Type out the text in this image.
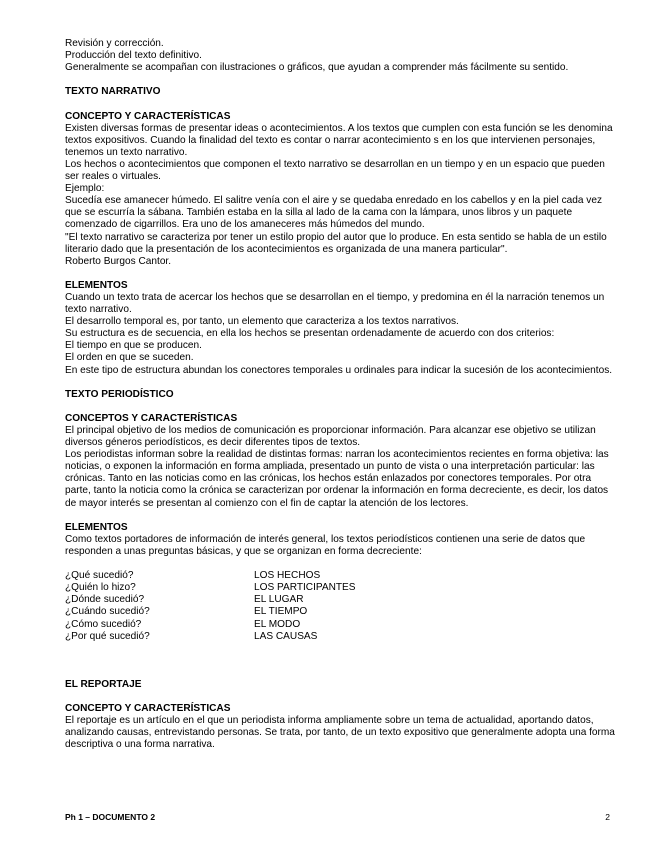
Revisión y corrección.

Producción del texto definitivo.

Generalmente se acompañan con ilustraciones o gráficos, que ayudan a comprender más fácilmente su sentido.

TEXTO NARRATIVO

CONCEPTO Y CARACTERÍSTICAS

Existen diversas formas de presentar ideas o acontecimientos. A los textos que cumplen con esta función se les denomina textos expositivos. Cuando la finalidad del texto es contar o narrar acontecimiento s en los que intervienen personajes, tenemos un texto narrativo.

Los hechos o acontecimientos que componen el texto narrativo se desarrollan en un tiempo y en un espacio que pueden ser reales o virtuales.

Ejemplo:

Sucedía ese amanecer húmedo. El salitre venía con el aire y se quedaba enredado en los cabellos y en la piel cada vez que se escurría la sábana. También estaba en la silla al lado de la cama con la lámpara, unos libros y un paquete comenzado de cigarrillos. Era uno de los amaneceres más húmedos del mundo.

"El texto narrativo se caracteriza por tener un estilo propio del autor que lo produce. En esta sentido se habla de un estilo literario dado que la presentación de los acontecimientos es organizada de una manera particular".

Roberto Burgos Cantor.

ELEMENTOS

Cuando un texto trata de acercar los hechos que se desarrollan en el tiempo, y predomina en él la narración tenemos un texto narrativo.

El desarrollo temporal es, por tanto, un elemento que caracteriza a los textos narrativos.

Su estructura es de secuencia, en ella los hechos se presentan ordenadamente de acuerdo con dos criterios:

El tiempo en que se producen.

El orden en que se suceden.

En este tipo de estructura abundan los conectores temporales u ordinales para indicar la sucesión de los acontecimientos.

TEXTO PERIODÍSTICO

CONCEPTOS Y CARACTERÍSTICAS

El principal objetivo de los medios de comunicación es proporcionar información. Para alcanzar ese objetivo se utilizan diversos géneros periodísticos, es decir diferentes tipos de textos.

Los periodistas informan sobre la realidad de distintas formas: narran los acontecimientos recientes en forma objetiva: las noticias, o exponen la información en forma ampliada, presentado un punto de vista o una interpretación particular: las crónicas. Tanto en las noticias como en las crónicas, los hechos están enlazados por conectores temporales. Por otra parte, tanto la noticia como la crónica se caracterizan por ordenar la información en forma decreciente, es decir, los datos de mayor interés se presentan al comienzo con el fin de captar la atención de los lectores.

ELEMENTOS

Como textos portadores de información de interés general, los textos periodísticos contienen una serie de datos que responden a unas preguntas básicas, y que se organizan en forma decreciente:

¿Qué sucedió?	LOS HECHOS
¿Quién lo hizo?	LOS PARTICIPANTES
¿Dónde sucedió?	EL LUGAR
¿Cuándo sucedió?	EL TIEMPO
¿Cómo sucedió?	EL MODO
¿Por qué sucedió?	LAS CAUSAS

EL REPORTAJE

CONCEPTO Y CARACTERÍSTICAS

El reportaje es un artículo en el que un periodista informa ampliamente sobre un tema de actualidad, aportando datos, analizando causas, entrevistando personas. Se trata, por tanto, de un texto expositivo que generalmente adopta una forma descriptiva o una forma narrativa.

Ph 1 – DOCUMENTO 2	2
